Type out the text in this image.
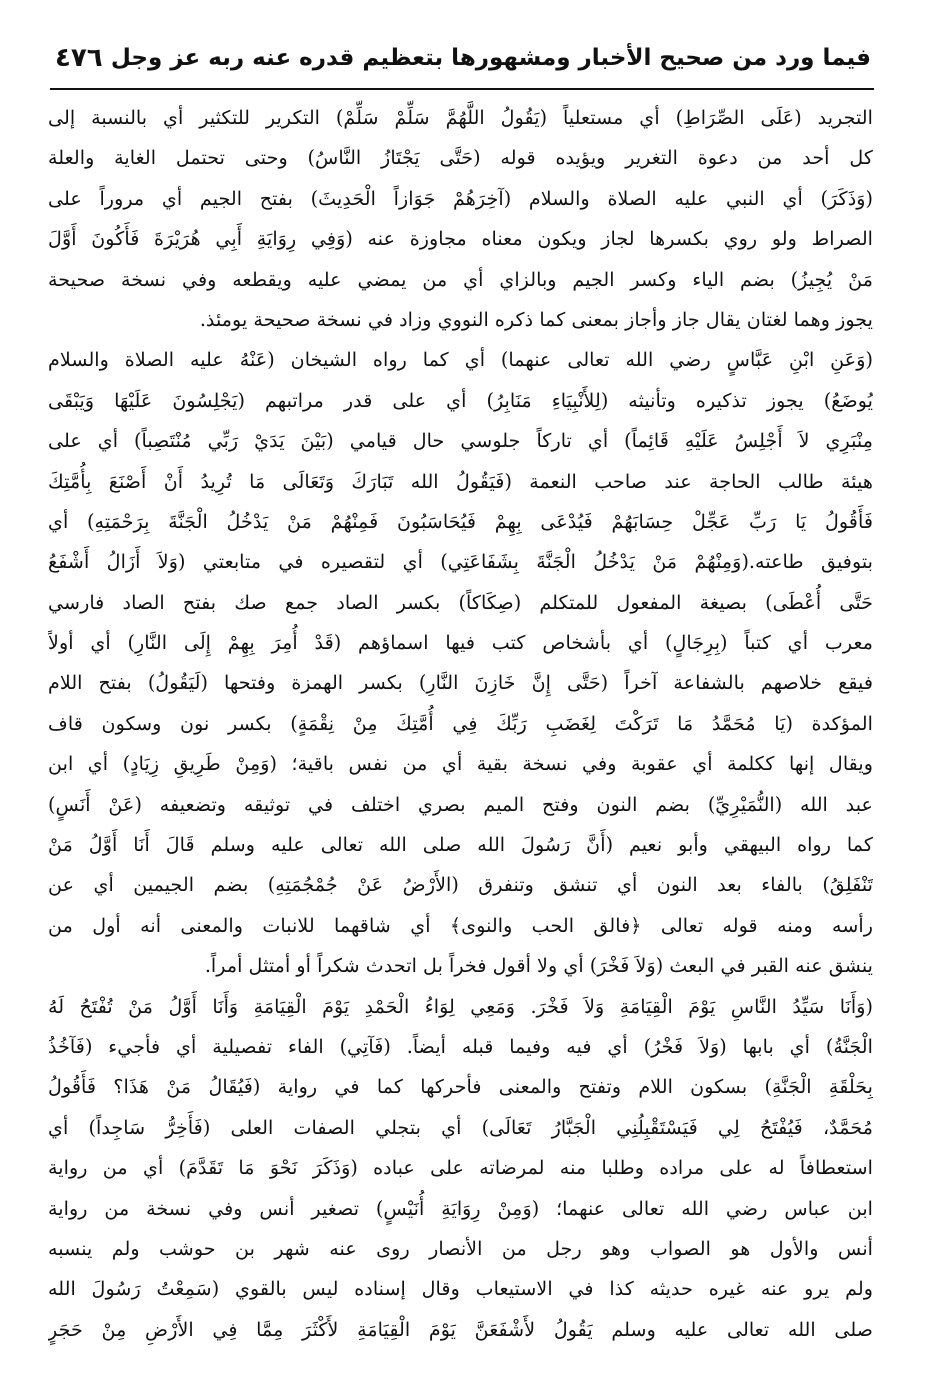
فيما ورد من صحيح الأخبار ومشهورها بتعظيم قدره عنه ربه عز وجل
٤٧٦
التجريد (عَلَى الصِّرَاطِ) أي مستعلياً (يَقُولُ اللَّهُمَّ سَلِّمْ سَلِّمْ) التكرير للتكثير أي بالنسبة إلى
كل أحد من دعوة التغرير ويؤيده قوله (حَتَّى يَجْتَازُ النَّاسُ) وحتى تحتمل الغاية والعلة
(وَذَكَرَ) أي النبي عليه الصلاة والسلام (آخِرَهُمْ جَوَازاً الْحَدِيثَ) بفتح الجيم أي مروراً على
الصراط ولو روي بكسرها لجاز ويكون معناه مجاوزة عنه (وَفِي رِوَايَةِ أَبِي هُرَيْرَةَ فَأَكُونَ أَوَّلَ
مَنْ يُجِيزُ) بضم الياء وكسر الجيم وبالزاي أي من يمضي عليه ويقطعه وفي نسخة صحيحة
يجوز وهما لغتان يقال جاز وأجاز بمعنى كما ذكره النووي وزاد في نسخة صحيحة يومئذ.
(وَعَنِ ابْنِ عَبَّاسٍ رضي الله تعالى عنهما) أي كما رواه الشيخان (عَنْهُ عليه الصلاة والسلام
يُوضَعُ) يجوز تذكيره وتأنيثه (لِلأَنْبِيَاءِ مَنَابِرُ) أي على قدر مراتبهم (يَجْلِسُونَ عَلَيْهَا وَيَبْقَى
مِنْبَرِي لاَ أَجْلِسُ عَلَيْهِ قَائِماً) أي تاركاً جلوسي حال قيامي (بَيْنَ يَدَيْ رَبِّي مُنْتَصِباً) أي على
هيئة طالب الحاجة عند صاحب النعمة (فَيَقُولُ الله تَبَارَكَ وَتَعَالَى مَا تُرِيدُ أَنْ أَصْنَعَ بِأُمَّتِكَ
فَأَقُولُ يَا رَبِّ عَجِّلْ حِسَابَهُمْ فَيُدْعَى بِهِمْ فَيُحَاسَبُونَ فَمِنْهُمْ مَنْ يَدْخُلُ الْجَنَّةَ بِرَحْمَتِهِ) أي
بتوفيق طاعته.(وَمِنْهُمْ مَنْ يَدْخُلُ الْجَنَّةَ بِشَفَاعَتِي) أي لتقصيره في متابعتي (وَلاَ أَزَالُ أَشْفَعُ
حَتَّى أُعْطَى) بصيغة المفعول للمتكلم (صِكَاكاً) بكسر الصاد جمع صك بفتح الصاد فارسي
معرب أي كتباً (بِرِجَالٍ) أي بأشخاص كتب فيها اسماؤهم (قَدْ أُمِرَ بِهِمْ إِلَى النَّارِ) أي أولاً
فيقع خلاصهم بالشفاعة آخراً (حَتَّى إِنَّ خَازِنَ النَّارِ) بكسر الهمزة وفتحها (لَيَقُولُ) بفتح اللام
المؤكدة (يَا مُحَمَّدُ مَا تَرَكْتَ لِغَضَبِ رَبِّكَ فِي أُمَّتِكَ مِنْ نِقْمَةٍ) بكسر نون وسكون قاف
ويقال إنها ككلمة أي عقوبة وفي نسخة بقية أي من نفس باقية؛ (وَمِنْ طَرِيقِ زِيَادٍ) أي ابن
عبد الله (النُّمَيْرِيِّ) بضم النون وفتح الميم بصري اختلف في توثيقه وتضعيفه (عَنْ أَنَسٍ)
كما رواه البيهقي وأبو نعيم (أَنَّ رَسُولَ الله صلى الله تعالى عليه وسلم قَالَ أَنَا أَوَّلُ مَنْ
تَنْفَلِقُ) بالفاء بعد النون أي تنشق وتنفرق (الأَرْضُ عَنْ جُمْجُمَتِهِ) بضم الجيمين أي عن
رأسه ومنه قوله تعالى ﴿فالق الحب والنوى﴾ أي شاقهما للانبات والمعنى أنه أول من
ينشق عنه القبر في البعث (وَلاَ فَخْرَ) أي ولا أقول فخراً بل اتحدث شكراً أو أمتثل أمراً.
(وَأَنَا سَيِّدُ النَّاسِ يَوْمَ الْقِيَامَةِ وَلاَ فَخْرَ. وَمَعِي لِوَاءُ الْحَمْدِ يَوْمَ الْقِيَامَةِ وَأَنَا أَوَّلُ مَنْ تُفْتَحُ لَهُ
الْجَنَّةُ) أي بابها (وَلاَ فَخْرُ) أي فيه وفيما قبله أيضاً. (فَآتِي) الفاء تفصيلية أي فأجيء (فَآخُذُ
بِحَلْقَةِ الْجَنَّةِ) بسكون اللام وتفتح والمعنى فأحركها كما في رواية (فَيُقَالُ مَنْ هَذَا؟ فَأَقُولُ
مُحَمَّدٌ، فَيُفْتَحُ لِي فَيَسْتَقْبِلُنِي الْجَبَّارُ تَعَالَى) أي بتجلي الصفات العلى (فَأَخِرُّ سَاجِداً) أي
استعطافاً له على مراده وطلبا منه لمرضاته على عباده (وَذَكَرَ نَحْوَ مَا تَقَدَّمَ) أي من رواية
ابن عباس رضي الله تعالى عنهما؛ (وَمِنْ رِوَايَةِ أُنَيْسٍ) تصغير أنس وفي نسخة من رواية
أنس والأول هو الصواب وهو رجل من الأنصار روى عنه شهر بن حوشب ولم ينسبه
ولم يرو عنه غيره حديثه كذا في الاستيعاب وقال إسناده ليس بالقوي (سَمِعْتُ رَسُولَ الله
صلى الله تعالى عليه وسلم يَقُولُ لأَشْفَعَنَّ يَوْمَ الْقِيَامَةِ لأَكْثَرَ مِمَّا فِي الأَرْضِ مِنْ حَجَرٍ
